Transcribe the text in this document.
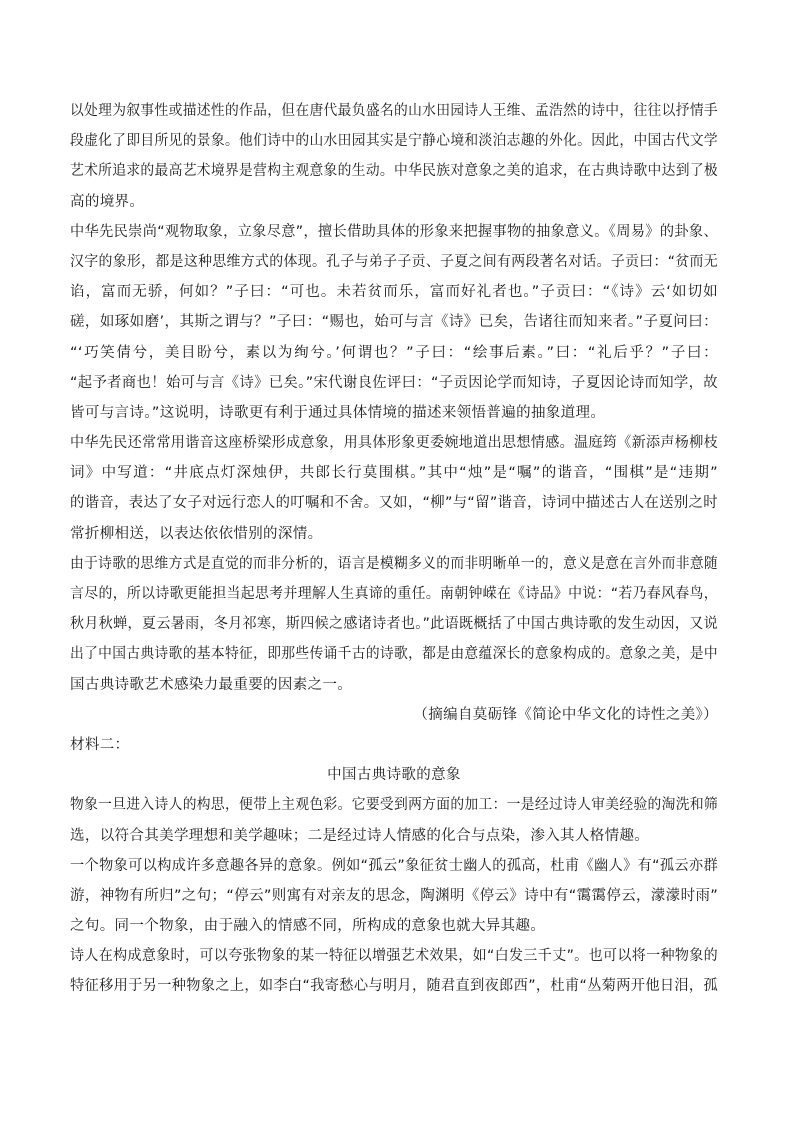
以处理为叙事性或描述性的作品，但在唐代最负盛名的山水田园诗人王维、孟浩然的诗中，往往以抒情手
段虚化了即目所见的景象。他们诗中的山水田园其实是宁静心境和淡泊志趣的外化。因此，中国古代文学
艺术所追求的最高艺术境界是营构主观意象的生动。中华民族对意象之美的追求，在古典诗歌中达到了极
高的境界。
中华先民崇尚“观物取象，立象尽意”，擅长借助具体的形象来把握事物的抽象意义。《周易》的卦象、
汉字的象形，都是这种思维方式的体现。孔子与弟子子贡、子夏之间有两段著名对话。子贡曰：“贫而无
谄，富而无骄，何如？”子曰：“可也。未若贫而乐，富而好礼者也。”子贡曰：“《诗》云‘如切如
磋，如琢如磨’，其斯之谓与？”子曰：“赐也，始可与言《诗》已矣，告诸往而知来者。”子夏问曰：
“‘巧笑倩兮，美目盼兮，素以为绚兮。’何谓也？”子曰：“绘事后素。”曰：“礼后乎？”子曰：
“起予者商也！始可与言《诗》已矣。”宋代谢良佐评曰：“子贡因论学而知诗，子夏因论诗而知学，故
皆可与言诗。”这说明，诗歌更有利于通过具体情境的描述来领悟普遍的抽象道理。
中华先民还常常用谐音这座桥梁形成意象，用具体形象更委婉地道出思想情感。温庭筠《新添声杨柳枝
词》中写道：“井底点灯深烛伊，共郎长行莫围棋。”其中“烛”是“嘱”的谐音，“围棋”是“违期”
的谐音，表达了女子对远行恋人的叮嘱和不舍。又如，“柳”与“留”谐音，诗词中描述古人在送别之时
常折柳相送，以表达依依惜别的深情。
由于诗歌的思维方式是直觉的而非分析的，语言是模糊多义的而非明晰单一的，意义是意在言外而非意随
言尽的，所以诗歌更能担当起思考并理解人生真谛的重任。南朝钟嵘在《诗品》中说：“若乃春风春鸟，
秋月秋蝉，夏云暑雨，冬月祁寒，斯四候之感诸诗者也。”此语既概括了中国古典诗歌的发生动因，又说
出了中国古典诗歌的基本特征，即那些传诵千古的诗歌，都是由意蕴深长的意象构成的。意象之美，是中
国古典诗歌艺术感染力最重要的因素之一。
（摘编自莫砺锋《简论中华文化的诗性之美》）
材料二：
中国古典诗歌的意象
物象一旦进入诗人的构思，便带上主观色彩。它要受到两方面的加工：一是经过诗人审美经验的淘洗和筛
选，以符合其美学理想和美学趣味；二是经过诗人情感的化合与点染，渗入其人格情趣。
一个物象可以构成许多意趣各异的意象。例如“孤云”象征贫士幽人的孤高，杜甫《幽人》有“孤云亦群
游，神物有所归”之句；“停云”则寓有对亲友的思念，陶渊明《停云》诗中有“霭霭停云，濛濛时雨”
之句。同一个物象，由于融入的情感不同，所构成的意象也就大异其趣。
诗人在构成意象时，可以夸张物象的某一特征以增强艺术效果，如“白发三千丈”。也可以将一种物象的
特征移用于另一种物象之上，如李白“我寄愁心与明月，随君直到夜郎西”，杜甫“丛菊两开他日泪，孤
